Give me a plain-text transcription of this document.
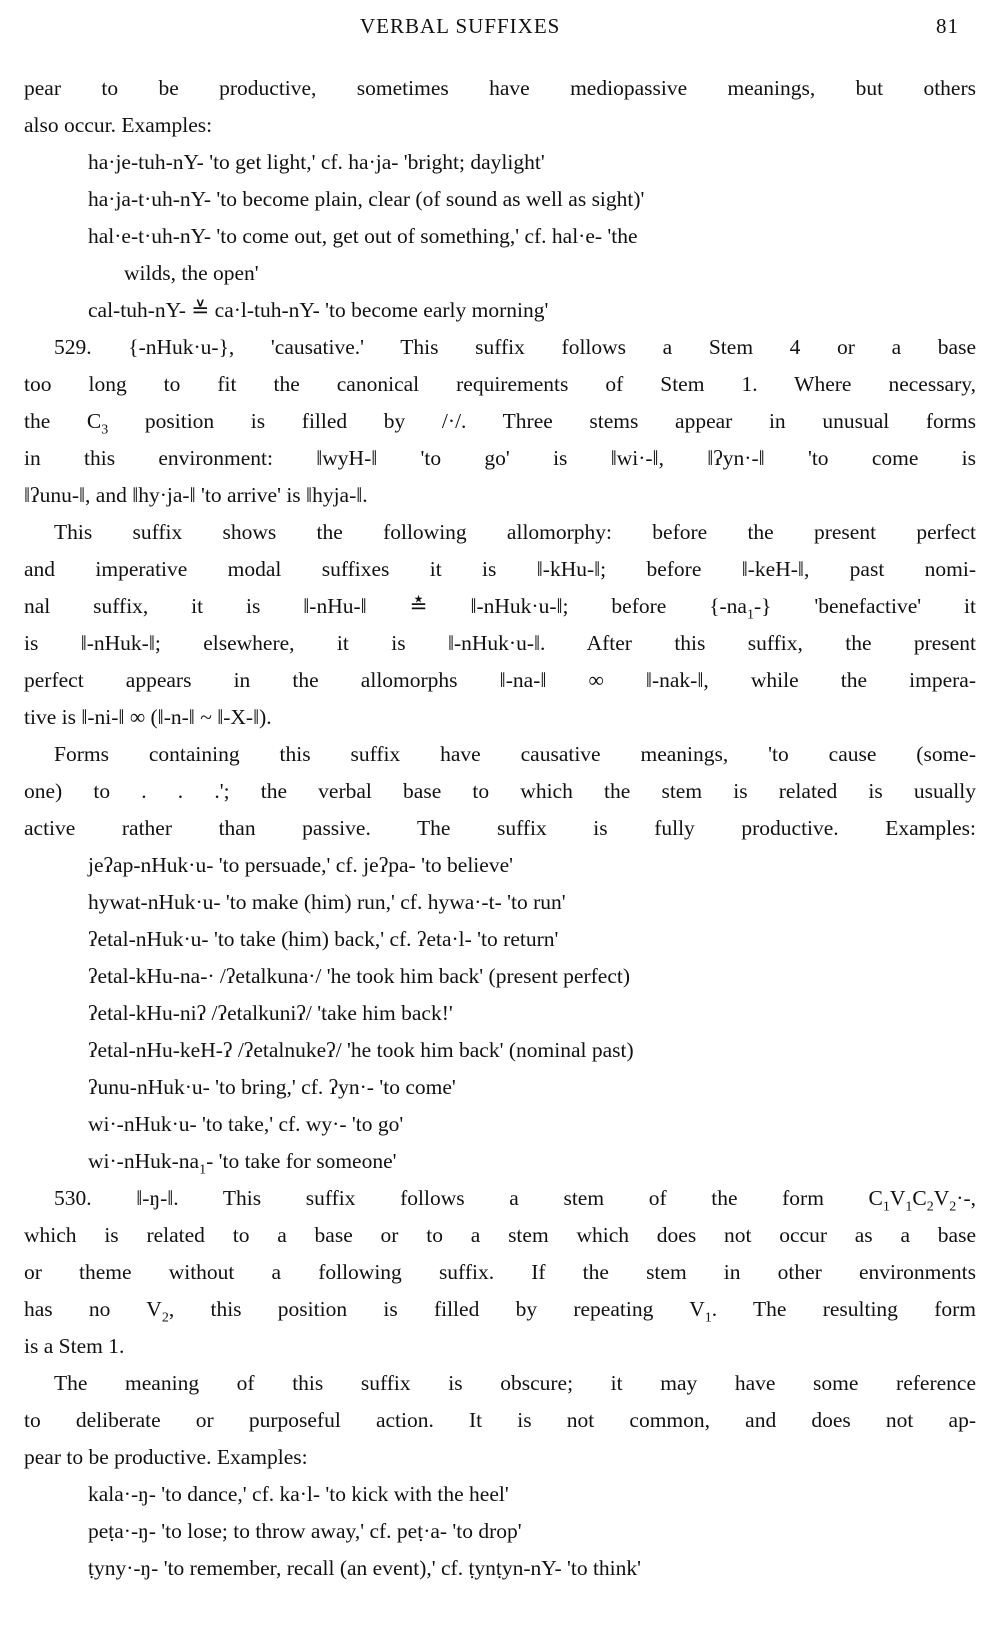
VERBAL SUFFIXES	81
pear to be productive, sometimes have mediopassive meanings, but others
also occur. Examples:
ha·je-tuh-nY- 'to get light,' cf. ha·ja- 'bright; daylight'
ha·ja-t·uh-nY- 'to become plain, clear (of sound as well as sight)'
hal·e-t·uh-nY- 'to come out, get out of something,' cf. hal·e- 'the
wilds, the open'
cal-tuh-nY- ≚ ca·l-tuh-nY- 'to become early morning'
529. {-nHuk·u-}, 'causative.' This suffix follows a Stem 4 or a base
too long to fit the canonical requirements of Stem 1. Where necessary,
the $C_3$ position is filled by /·/. Three stems appear in unusual forms
in this environment: ‖wyH-‖ 'to go' is ‖wi·-‖, ‖ʔyn·-‖ 'to come is
‖ʔunu-‖, and ‖hy·ja-‖ 'to arrive' is ‖hyja-‖.
This suffix shows the following allomorphy: before the present perfect
and imperative modal suffixes it is ‖-kHu-‖; before ‖-keH-‖, past nomi-
nal suffix, it is ‖-nHu-‖ ≛ ‖-nHuk·u-‖; before $\{-na_1-\}$ 'benefactive' it
is ‖-nHuk-‖; elsewhere, it is ‖-nHuk·u-‖. After this suffix, the present
perfect appears in the allomorphs ‖-na-‖ ∞ ‖-nak-‖, while the impera-
tive is ‖-ni-‖ ∞ (‖-n-‖ ~ ‖-X-‖).
Forms containing this suffix have causative meanings, 'to cause (some-
one) to . . .'; the verbal base to which the stem is related is usually
active rather than passive. The suffix is fully productive. Examples:
jeʔap-nHuk·u- 'to persuade,' cf. jeʔpa- 'to believe'
hywat-nHuk·u- 'to make (him) run,' cf. hywa·-t- 'to run'
ʔetal-nHuk·u- 'to take (him) back,' cf. ʔeta·l- 'to return'
ʔetal-kHu-na-· /ʔetalkuna·/ 'he took him back' (present perfect)
ʔetal-kHu-niʔ /ʔetalkuniʔ/ 'take him back!'
ʔetal-nHu-keH-ʔ /ʔetalnukeʔ/ 'he took him back' (nominal past)
ʔunu-nHuk·u- 'to bring,' cf. ʔyn·- 'to come'
wi·-nHuk·u- 'to take,' cf. wy·- 'to go'
$wi\cdot-nHuk-na_1-$ 'to take for someone'
530. ‖-ŋ-‖. This suffix follows a stem of the form $C_1V_1C_2V_2\cdot-$,
which is related to a base or to a stem which does not occur as a base
or theme without a following suffix. If the stem in other environments
has no $V_2$, this position is filled by repeating $V_1$. The resulting form
is a Stem 1.
The meaning of this suffix is obscure; it may have some reference
to deliberate or purposeful action. It is not common, and does not ap-
pear to be productive. Examples:
kala·-ŋ- 'to dance,' cf. ka·l- 'to kick with the heel'
peṭa·-ŋ- 'to lose; to throw away,' cf. peṭ·a- 'to drop'
ṭyny·-ŋ- 'to remember, recall (an event),' cf. ṭynṭyn-nY- 'to think'
